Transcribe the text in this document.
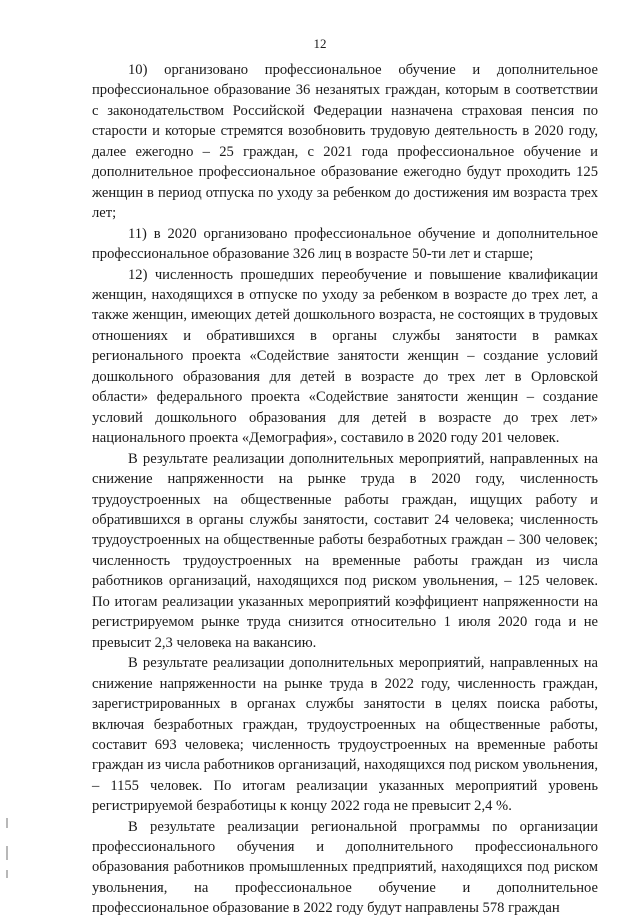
12

10) организовано профессиональное обучение и дополнительное профессиональное образование 36 незанятых граждан, которым в соответствии с законодательством Российской Федерации назначена страховая пенсия по старости и которые стремятся возобновить трудовую деятельность в 2020 году, далее ежегодно – 25 граждан, с 2021 года профессиональное обучение и дополнительное профессиональное образование ежегодно будут проходить 125 женщин в период отпуска по уходу за ребенком до достижения им возраста трех лет;

11) в 2020 организовано профессиональное обучение и дополнительное профессиональное образование 326 лиц в возрасте 50-ти лет и старше;

12) численность прошедших переобучение и повышение квалификации женщин, находящихся в отпуске по уходу за ребенком в возрасте до трех лет, а также женщин, имеющих детей дошкольного возраста, не состоящих в трудовых отношениях и обратившихся в органы службы занятости в рамках регионального проекта «Содействие занятости женщин – создание условий дошкольного образования для детей в возрасте до трех лет в Орловской области» федерального проекта «Содействие занятости женщин – создание условий дошкольного образования для детей в возрасте до трех лет» национального проекта «Демография», составило в 2020 году 201 человек.

В результате реализации дополнительных мероприятий, направленных на снижение напряженности на рынке труда в 2020 году, численность трудоустроенных на общественные работы граждан, ищущих работу и обратившихся в органы службы занятости, составит 24 человека; численность трудоустроенных на общественные работы безработных граждан – 300 человек; численность трудоустроенных на временные работы граждан из числа работников организаций, находящихся под риском увольнения, – 125 человек. По итогам реализации указанных мероприятий коэффициент напряженности на регистрируемом рынке труда снизится относительно 1 июля 2020 года и не превысит 2,3 человека на вакансию.

В результате реализации дополнительных мероприятий, направленных на снижение напряженности на рынке труда в 2022 году, численность граждан, зарегистрированных в органах службы занятости в целях поиска работы, включая безработных граждан, трудоустроенных на общественные работы, составит 693 человека; численность трудоустроенных на временные работы граждан из числа работников организаций, находящихся под риском увольнения, – 1155 человек. По итогам реализации указанных мероприятий уровень регистрируемой безработицы к концу 2022 года не превысит 2,4 %.

В результате реализации региональной программы по организации профессионального обучения и дополнительного профессионального образования работников промышленных предприятий, находящихся под риском увольнения, на профессиональное обучение и дополнительное профессиональное образование в 2022 году будут направлены 578 граждан
